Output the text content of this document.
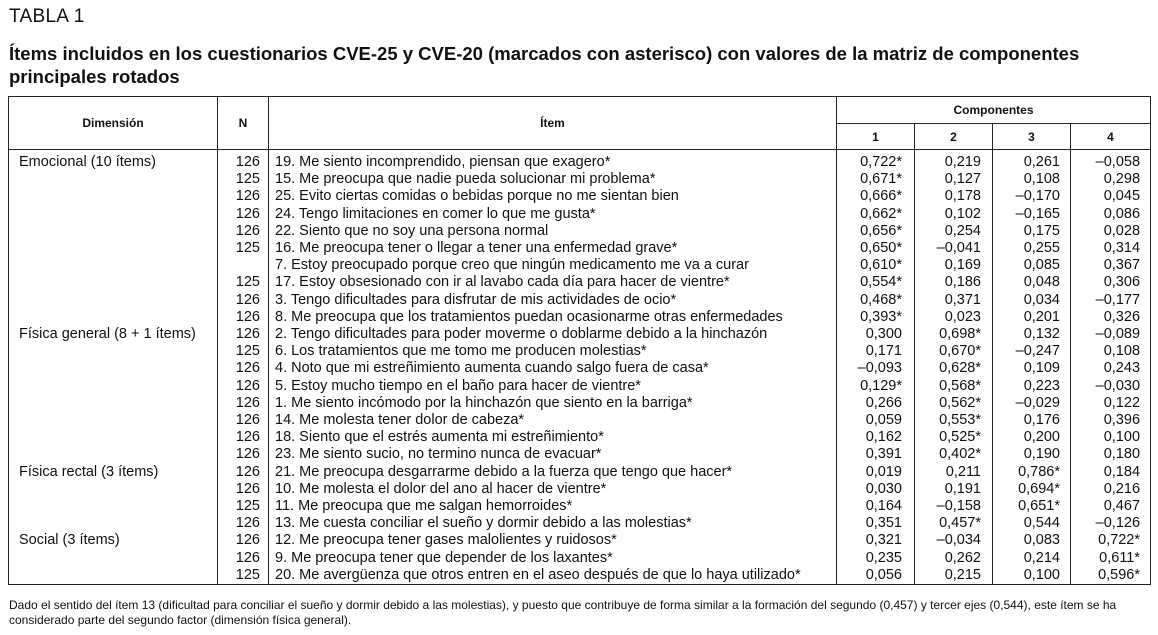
TABLA 1
Ítems incluidos en los cuestionarios CVE-25 y CVE-20 (marcados con asterisco) con valores de la matriz de componentes principales rotados
Dimensión	N	Ítem	Componentes			
			1	2	3	4
Emocional (10 ítems)	126	19. Me siento incomprendido, piensan que exagero*	0,722*	0,219	0,261	–0,058
	125	15. Me preocupa que nadie pueda solucionar mi problema*	0,671*	0,127	0,108	0,298
	126	25. Evito ciertas comidas o bebidas porque no me sientan bien	0,666*	0,178	–0,170	0,045
	126	24. Tengo limitaciones en comer lo que me gusta*	0,662*	0,102	–0,165	0,086
	126	22. Siento que no soy una persona normal	0,656*	0,254	0,175	0,028
	125	16. Me preocupa tener o llegar a tener una enfermedad grave*	0,650*	–0,041	0,255	0,314
		7. Estoy preocupado porque creo que ningún medicamento me va a curar	0,610*	0,169	0,085	0,367
	125	17. Estoy obsesionado con ir al lavabo cada día para hacer de vientre*	0,554*	0,186	0,048	0,306
	126	3. Tengo dificultades para disfrutar de mis actividades de ocio*	0,468*	0,371	0,034	–0,177
	126	8. Me preocupa que los tratamientos puedan ocasionarme otras enfermedades	0,393*	0,023	0,201	0,326
Física general (8 + 1 ítems)	126	2. Tengo dificultades para poder moverme o doblarme debido a la hinchazón	0,300	0,698*	0,132	–0,089
	125	6. Los tratamientos que me tomo me producen molestias*	0,171	0,670*	–0,247	0,108
	126	4. Noto que mi estreñimiento aumenta cuando salgo fuera de casa*	–0,093	0,628*	0,109	0,243
	126	5. Estoy mucho tiempo en el baño para hacer de vientre*	0,129*	0,568*	0,223	–0,030
	126	1. Me siento incómodo por la hinchazón que siento en la barriga*	0,266	0,562*	–0,029	0,122
	126	14. Me molesta tener dolor de cabeza*	0,059	0,553*	0,176	0,396
	126	18. Siento que el estrés aumenta mi estreñimiento*	0,162	0,525*	0,200	0,100
	126	23. Me siento sucio, no termino nunca de evacuar*	0,391	0,402*	0,190	0,180
Física rectal (3 ítems)	126	21. Me preocupa desgarrarme debido a la fuerza que tengo que hacer*	0,019	0,211	0,786*	0,184
	126	10. Me molesta el dolor del ano al hacer de vientre*	0,030	0,191	0,694*	0,216
	125	11. Me preocupa que me salgan hemorroides*	0,164	–0,158	0,651*	0,467
	126	13. Me cuesta conciliar el sueño y dormir debido a las molestias*	0,351	0,457*	0,544	–0,126
Social (3 ítems)	126	12. Me preocupa tener gases malolientes y ruidosos*	0,321	–0,034	0,083	0,722*
	126	9. Me preocupa tener que depender de los laxantes*	0,235	0,262	0,214	0,611*
	125	20. Me avergüenza que otros entren en el aseo después de que lo haya utilizado*	0,056	0,215	0,100	0,596*
Dado el sentido del ítem 13 (dificultad para conciliar el sueño y dormir debido a las molestias), y puesto que contribuye de forma similar a la formación del segundo (0,457) y tercer ejes (0,544), este ítem se ha considerado parte del segundo factor (dimensión física general).
